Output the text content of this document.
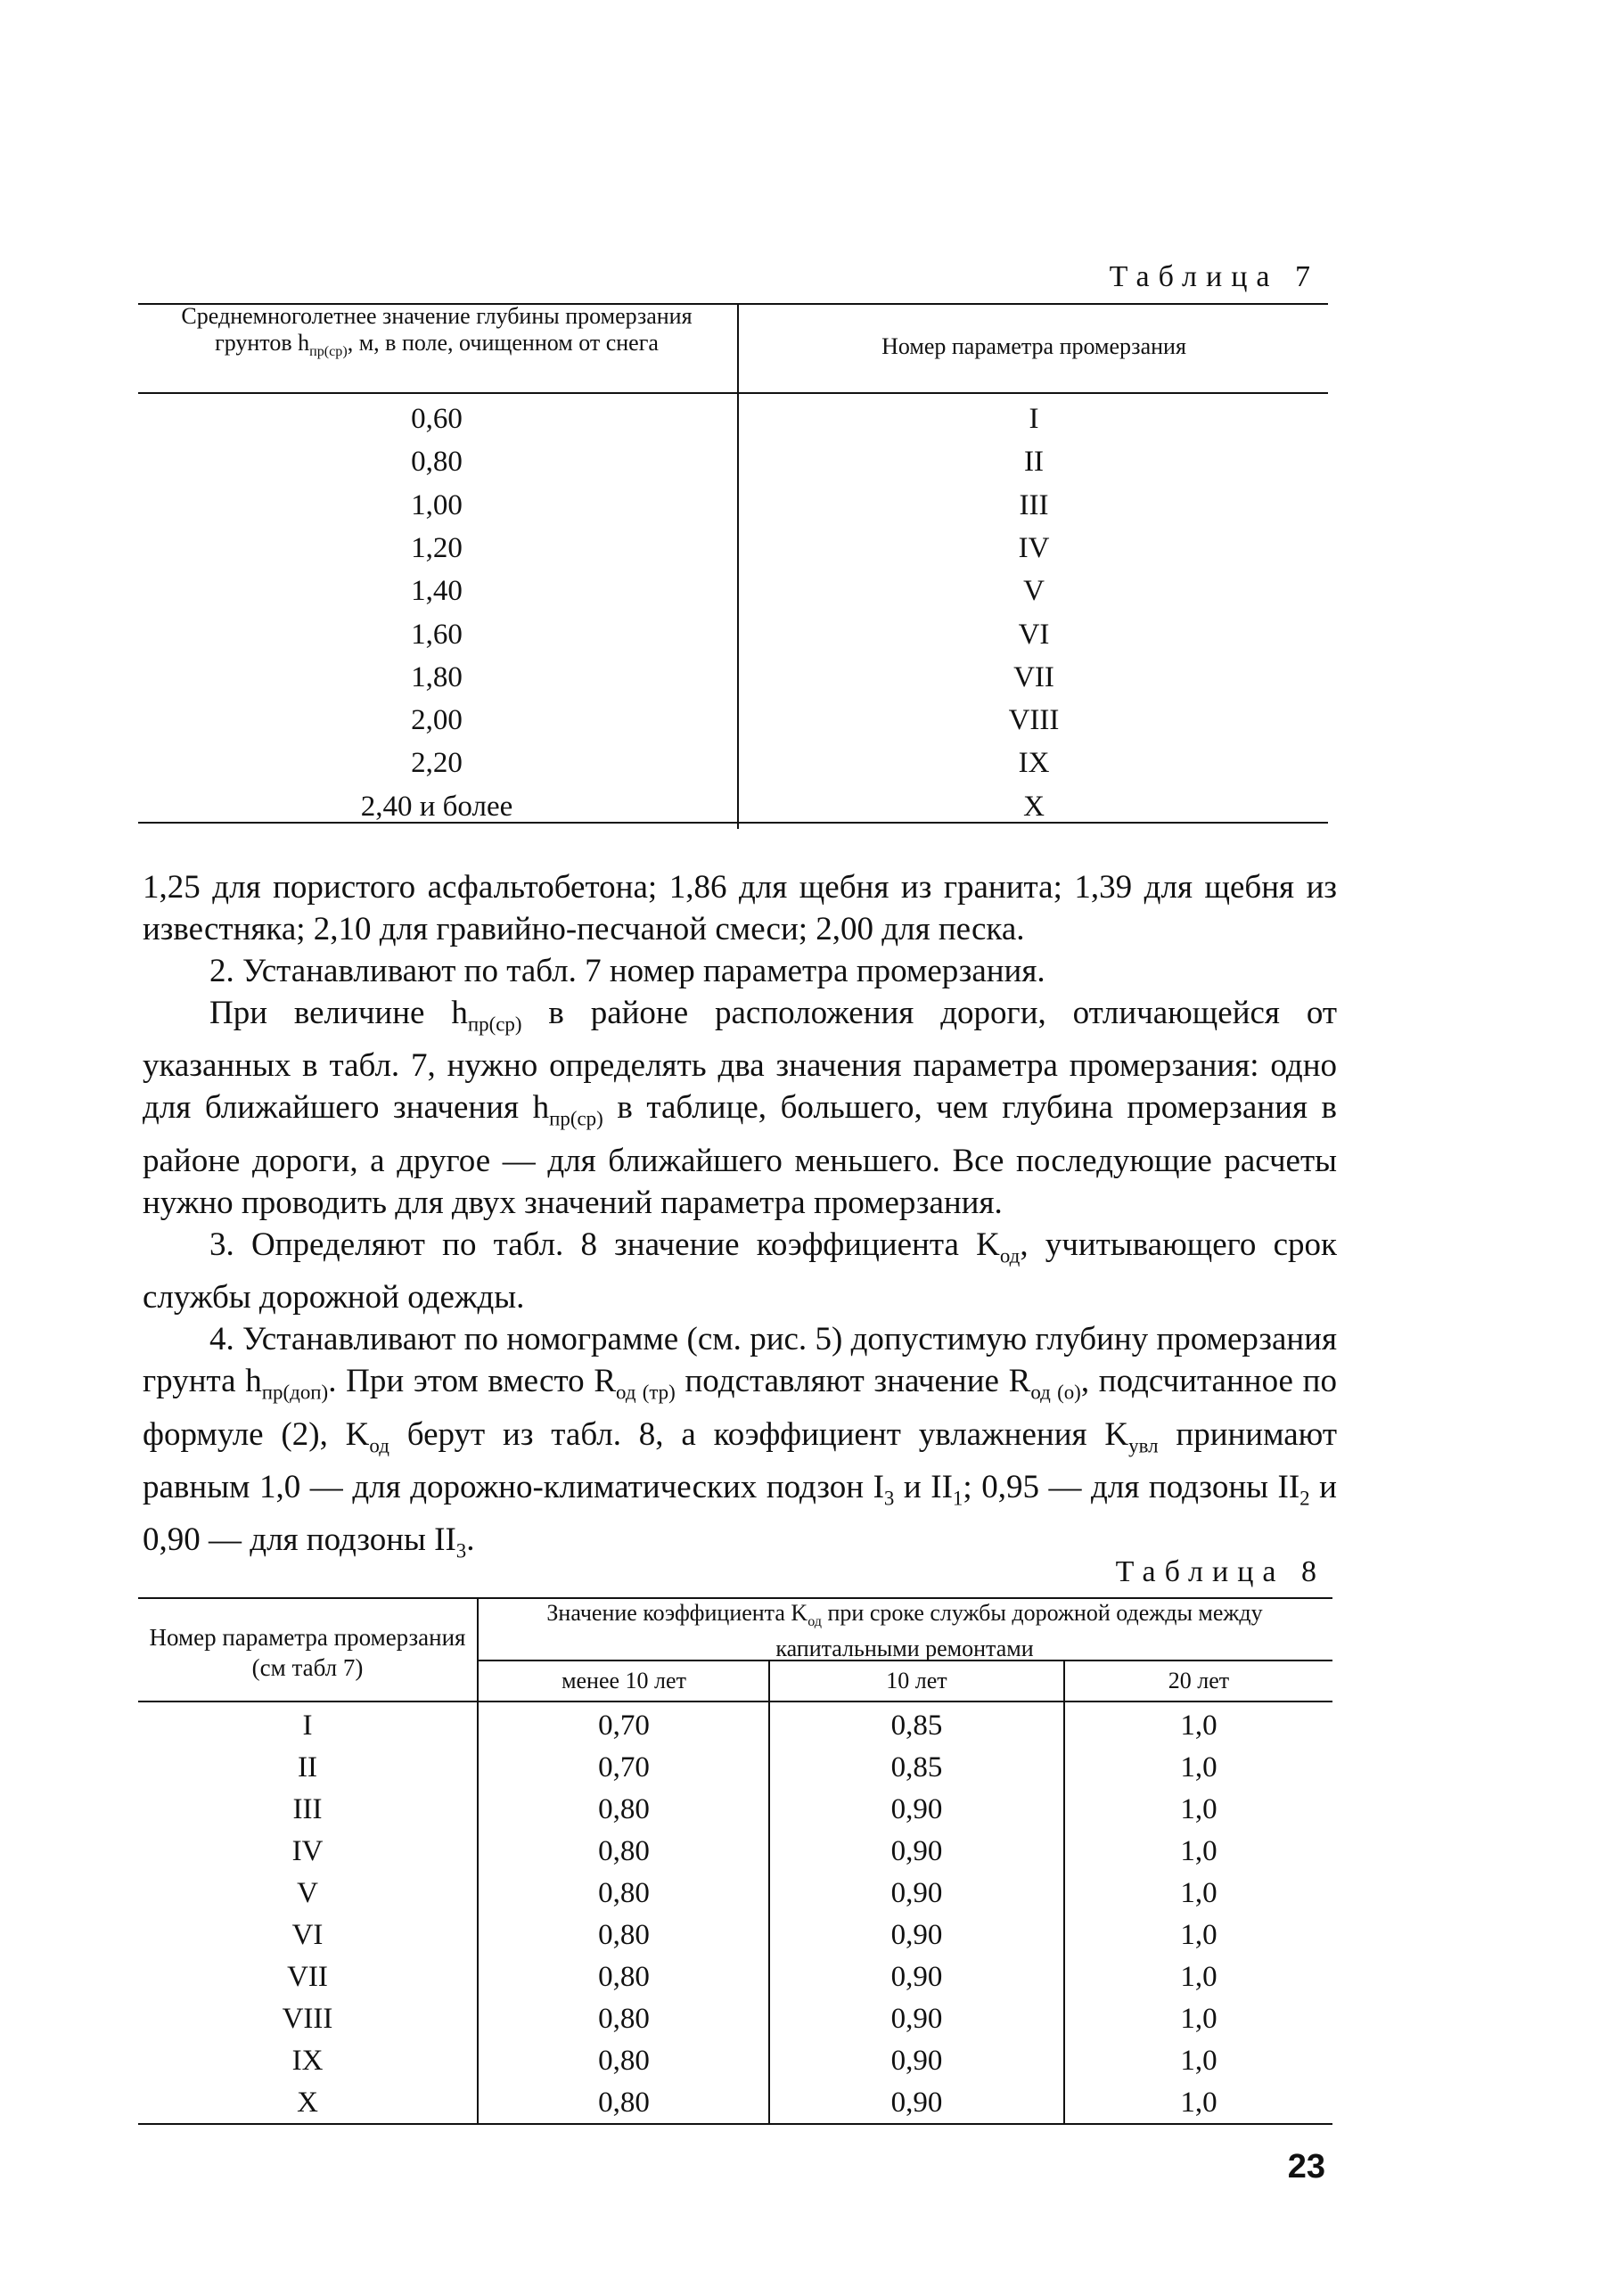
Таблица 7
Среднемноголетнее значение глубины промерзания грунтов $h_{пр(ср)}$, м, в поле, очищенном от снега	Номер параметра промерзания
0,60	I
0,80	II
1,00	III
1,20	IV
1,40	V
1,60	VI
1,80	VII
2,00	VIII
2,20	IX
2,40 и более	X

1,25 для пористого асфальтобетона; 1,86 для щебня из гранита; 1,39 для щебня из известняка; 2,10 для гравийно-песчаной смеси; 2,00 для песка.

2. Устанавливают по табл. 7 номер параметра промерзания.

При величине $h_{пр(ср)}$ в районе расположения дороги, отличающейся от указанных в табл. 7, нужно определять два значения параметра промерзания: одно для ближайшего значения $h_{пр(ср)}$ в таблице, большего, чем глубина промерзания в районе дороги, а другое — для ближайшего меньшего. Все последующие расчеты нужно проводить для двух значений параметра промерзания.

3. Определяют по табл. 8 значение коэффициента $K_{од}$, учитывающего срок службы дорожной одежды.

4. Устанавливают по номограмме (см. рис. 5) допустимую глубину промерзания грунта $h_{пр(доп)}$. При этом вместо $R_{од (тр)}$ подставляют значение $R_{од (о)}$, подсчитанное по формуле (2), $K_{од}$ берут из табл. 8, а коэффициент увлажнения $K_{увл}$ принимают равным 1,0 — для дорожно-климатических подзон $I_3$ и $II_1$; 0,95 — для подзоны $II_2$ и 0,90 — для подзоны $II_3$.

Таблица 8
Номер параметра промерзания (см табл 7)
Значение коэффициента $K_{од}$ при сроке службы дорожной одежды между капитальными ремонтами
менее 10 лет	10 лет	20 лет
I	0,70	0,85	1,0
II	0,70	0,85	1,0
III	0,80	0,90	1,0
IV	0,80	0,90	1,0
V	0,80	0,90	1,0
VI	0,80	0,90	1,0
VII	0,80	0,90	1,0
VIII	0,80	0,90	1,0
IX	0,80	0,90	1,0
X	0,80	0,90	1,0
23
